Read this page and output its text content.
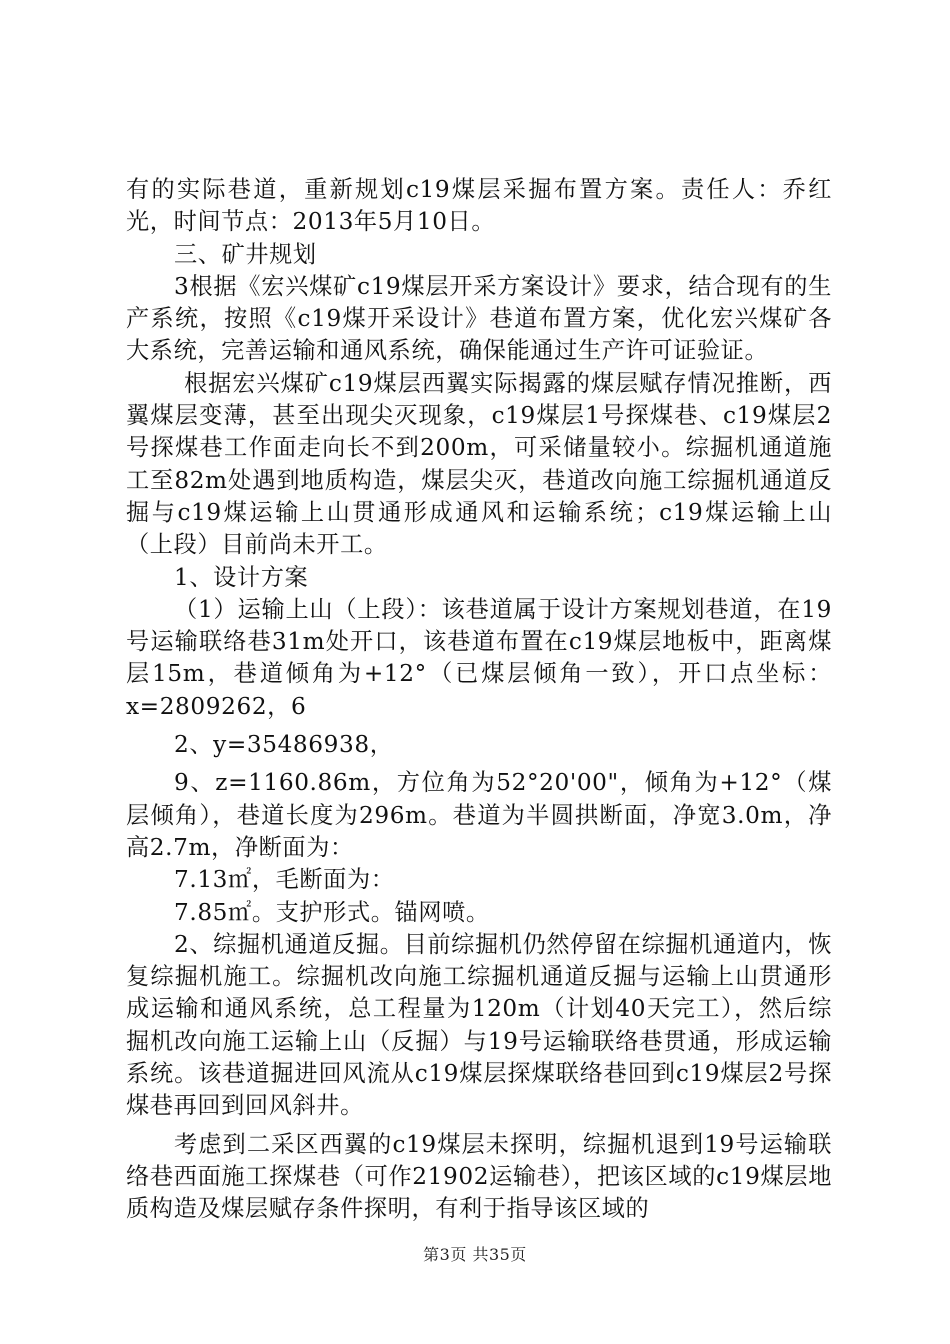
有的实际巷道，重新规划c19煤层采掘布置方案。责任人：乔红光，时间节点：2013年5月10日。

三、矿井规划

3根据《宏兴煤矿c19煤层开采方案设计》要求，结合现有的生产系统，按照《c19煤开采设计》巷道布置方案，优化宏兴煤矿各大系统，完善运输和通风系统，确保能通过生产许可证验证。

根据宏兴煤矿c19煤层西翼实际揭露的煤层赋存情况推断，西翼煤层变薄，甚至出现尖灭现象，c19煤层1号探煤巷、c19煤层2号探煤巷工作面走向长不到200m，可采储量较小。综掘机通道施工至82m处遇到地质构造，煤层尖灭，巷道改向施工综掘机通道反掘与c19煤运输上山贯通形成通风和运输系统；c19煤运输上山（上段）目前尚未开工。

1、设计方案

（1）运输上山（上段）：该巷道属于设计方案规划巷道，在19号运输联络巷31m处开口，该巷道布置在c19煤层地板中，距离煤层15m，巷道倾角为+12°（已煤层倾角一致），开口点坐标：x=2809262，6

2、y=35486938，

9、z=1160.86m，方位角为52°20'00"，倾角为+12°（煤层倾角），巷道长度为296m。巷道为半圆拱断面，净宽3.0m，净高2.7m，净断面为：

7.13㎡，毛断面为：

7.85㎡。支护形式。锚网喷。

2、综掘机通道反掘。目前综掘机仍然停留在综掘机通道内，恢复综掘机施工。综掘机改向施工综掘机通道反掘与运输上山贯通形成运输和通风系统，总工程量为120m（计划40天完工），然后综掘机改向施工运输上山（反掘）与19号运输联络巷贯通，形成运输系统。该巷道掘进回风流从c19煤层探煤联络巷回到c19煤层2号探煤巷再回到回风斜井。

考虑到二采区西翼的c19煤层未探明，综掘机退到19号运输联络巷西面施工探煤巷（可作21902运输巷），把该区域的c19煤层地质构造及煤层赋存条件探明，有利于指导该区域的

第3页 共35页
